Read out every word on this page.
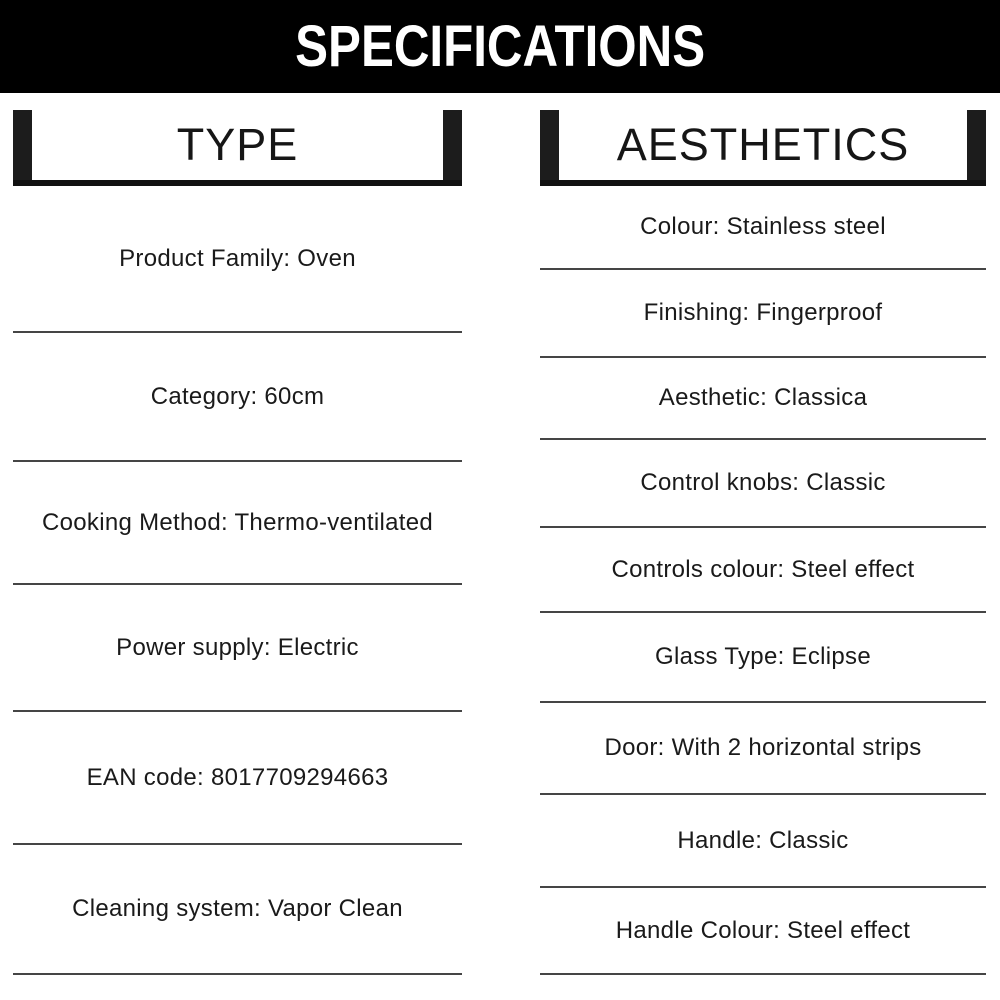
SPECIFICATIONS
TYPE
Product Family: Oven
Category: 60cm
Cooking Method: Thermo-ventilated
Power supply: Electric
EAN code: 8017709294663
Cleaning system: Vapor Clean
AESTHETICS
Colour: Stainless steel
Finishing: Fingerproof
Aesthetic: Classica
Control knobs: Classic
Controls colour: Steel effect
Glass Type: Eclipse
Door: With 2 horizontal strips
Handle: Classic
Handle Colour: Steel effect
